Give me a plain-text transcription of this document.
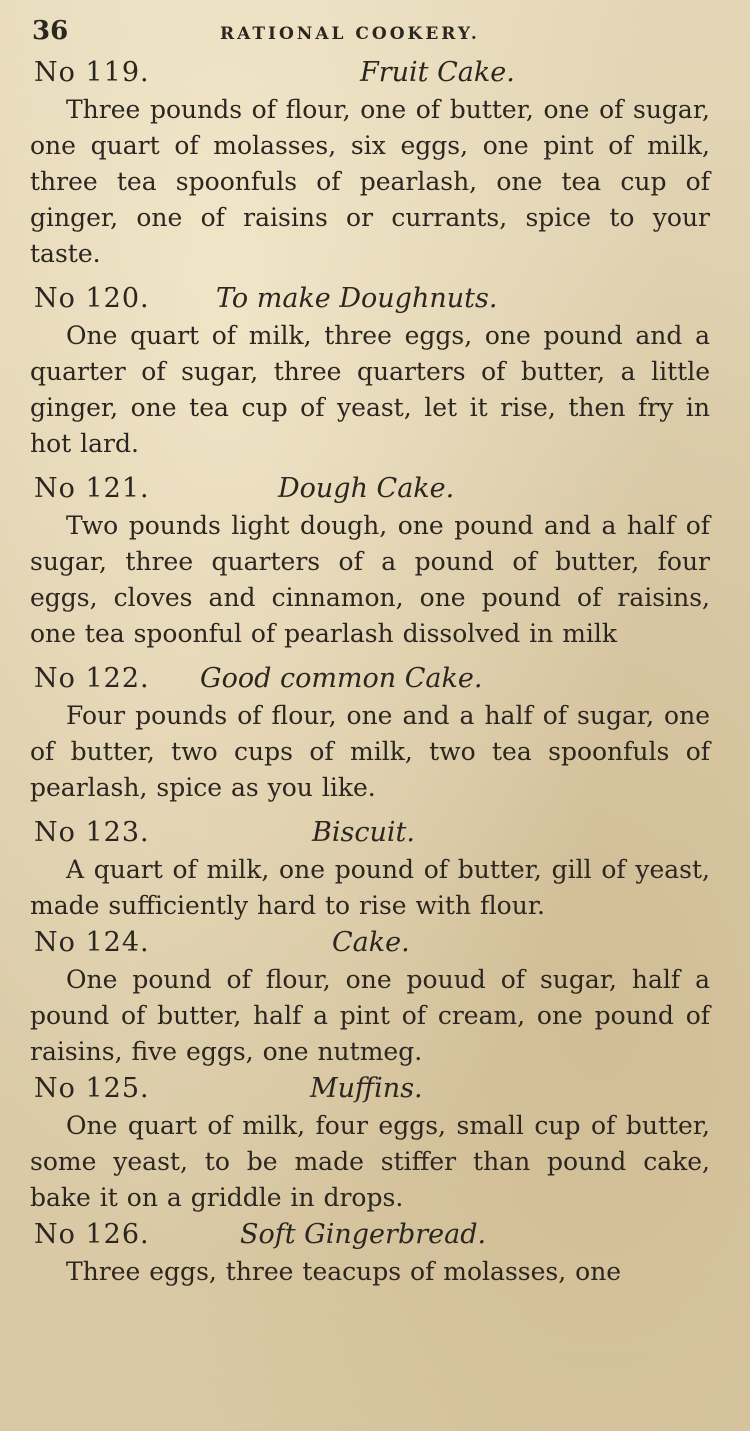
36	RATIONAL COOKERY.
No 119.	Fruit Cake.

Three pounds of flour, one of butter, one of sugar, one quart of molasses, six eggs, one pint of milk, three tea spoonfuls of pearlash, one tea cup of ginger, one of raisins or currants, spice to your taste.

No 120. To make Doughnuts.

One quart of milk, three eggs, one pound and a quarter of sugar, three quarters of butter, a little ginger, one tea cup of yeast, let it rise, then fry in hot lard.

No 121.	Dough Cake.

Two pounds light dough, one pound and a half of sugar, three quarters of a pound of butter, four eggs, cloves and cinnamon, one pound of raisins, one tea spoonful of pearlash dissolved in milk

No 122. Good common Cake.

Four pounds of flour, one and a half of sugar, one of butter, two cups of milk, two tea spoonfuls of pearlash, spice as you like.

No 123.	Biscuit.

A quart of milk, one pound of butter, gill of yeast, made sufficiently hard to rise with flour.

No 124.	Cake.

One pound of flour, one pouud of sugar, half a pound of butter, half a pint of cream, one pound of raisins, five eggs, one nutmeg.

No 125.	Muffins.

One quart of milk, four eggs, small cup of butter, some yeast, to be made stiffer than pound cake, bake it on a griddle in drops.

No 126.	Soft Gingerbread.

Three eggs, three teacups of molasses, one
